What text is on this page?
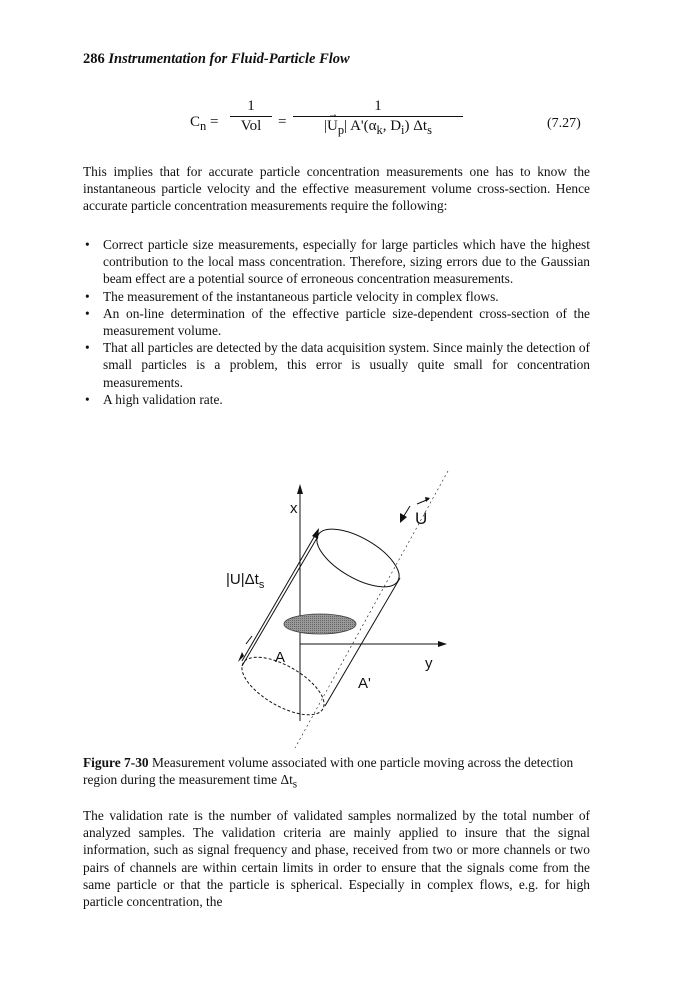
286 Instrumentation for Fluid-Particle Flow
$C_n$ =
1
Vol	=
1
|U
→
$_p$| $A'(\alpha_k$, $D_i$) $\Delta t_s$	(7.27)

This implies that for accurate particle concentration measurements one has to know the instantaneous particle velocity and the effective measurement volume cross-section. Hence accurate particle concentration measurements require the following:

• Correct particle size measurements, especially for large particles which have the highest contribution to the local mass concentration. Therefore, sizing errors due to the Gaussian beam effect are a potential source of erroneous concentration measurements.
• The measurement of the instantaneous particle velocity in complex flows.
• An on-line determination of the effective particle size-dependent cross-section of the measurement volume.
• That all particles are detected by the data acquisition system. Since mainly the detection of small particles is a problem, this error is usually quite small for concentration measurements.
• A high validation rate.
x
y
U
$|U|\Delta t_s$
A
A'

Figure 7-30 Measurement volume associated with one particle moving across the detection region during the measurement time $\Delta t_s$

The validation rate is the number of validated samples normalized by the total number of analyzed samples. The validation criteria are mainly applied to insure that the signal information, such as signal frequency and phase, received from two or more channels or two pairs of channels are within certain limits in order to ensure that the signals come from the same particle or that the particle is spherical. Especially in complex flows, e.g. for high particle concentration, the
